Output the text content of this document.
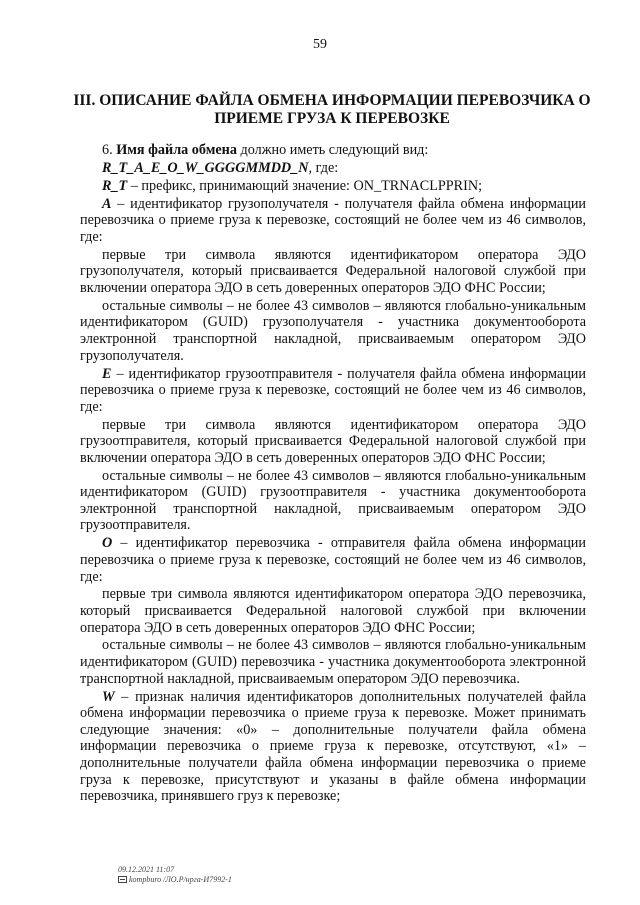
59
III. ОПИСАНИЕ ФАЙЛА ОБМЕНА ИНФОРМАЦИИ ПЕРЕВОЗЧИКА О ПРИЕМЕ ГРУЗА К ПЕРЕВОЗКЕ

6. Имя файла обмена должно иметь следующий вид:

R_T_A_E_O_W_GGGGMMDD_N, где:

R_T – префикс, принимающий значение: ON_TRNACLPPRIN;

A – идентификатор грузополучателя - получателя файла обмена информации перевозчика о приеме груза к перевозке, состоящий не более чем из 46 символов, где:

первые три символа являются идентификатором оператора ЭДО грузополучателя, который присваивается Федеральной налоговой службой при включении оператора ЭДО в сеть доверенных операторов ЭДО ФНС России;

остальные символы – не более 43 символов – являются глобально-уникальным идентификатором (GUID) грузополучателя - участника документооборота электронной транспортной накладной, присваиваемым оператором ЭДО грузополучателя.

E – идентификатор грузоотправителя - получателя файла обмена информации перевозчика о приеме груза к перевозке, состоящий не более чем из 46 символов, где:

первые три символа являются идентификатором оператора ЭДО грузоотправителя, который присваивается Федеральной налоговой службой при включении оператора ЭДО в сеть доверенных операторов ЭДО ФНС России;

остальные символы – не более 43 символов – являются глобально-уникальным идентификатором (GUID) грузоотправителя - участника документооборота электронной транспортной накладной, присваиваемым оператором ЭДО грузоотправителя.

O – идентификатор перевозчика - отправителя файла обмена информации перевозчика о приеме груза к перевозке, состоящий не более чем из 46 символов, где:

первые три символа являются идентификатором оператора ЭДО перевозчика, который присваивается Федеральной налоговой службой при включении оператора ЭДО в сеть доверенных операторов ЭДО ФНС России;

остальные символы – не более 43 символов – являются глобально-уникальным идентификатором (GUID) перевозчика - участника документооборота электронной транспортной накладной, присваиваемым оператором ЭДО перевозчика.

W – признак наличия идентификаторов дополнительных получателей файла обмена информации перевозчика о приеме груза к перевозке. Может принимать следующие значения: «0» – дополнительные получатели файла обмена информации перевозчика о приеме груза к перевозке, отсутствуют, «1» – дополнительные получатели файла обмена информации перевозчика о приеме груза к перевозке, присутствуют и указаны в файле обмена информации перевозчика, принявшего груз к перевозке;

09.12.2021 11:07
kompburo /ЛО.Р/нрга-И7992-1
